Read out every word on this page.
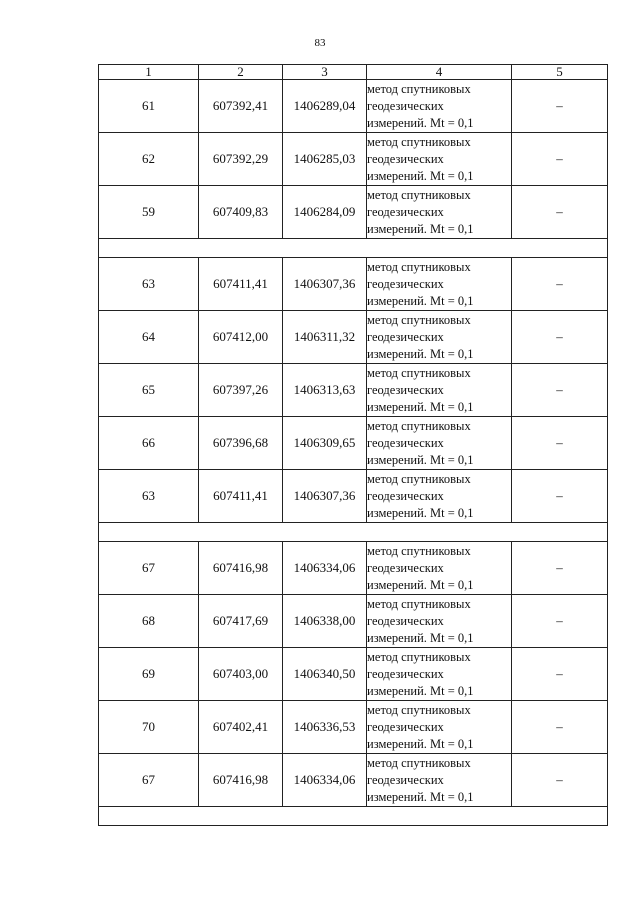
83
1	2	3	4	5
61	607392,41	1406289,04	метод спутниковых
геодезических
измерений. Mt = 0,1	–
62	607392,29	1406285,03	метод спутниковых
геодезических
измерений. Mt = 0,1	–
59	607409,83	1406284,09	метод спутниковых
геодезических
измерений. Mt = 0,1	–

63	607411,41	1406307,36	метод спутниковых
геодезических
измерений. Mt = 0,1	–
64	607412,00	1406311,32	метод спутниковых
геодезических
измерений. Mt = 0,1	–
65	607397,26	1406313,63	метод спутниковых
геодезических
измерений. Mt = 0,1	–
66	607396,68	1406309,65	метод спутниковых
геодезических
измерений. Mt = 0,1	–
63	607411,41	1406307,36	метод спутниковых
геодезических
измерений. Mt = 0,1	–

67	607416,98	1406334,06	метод спутниковых
геодезических
измерений. Mt = 0,1	–
68	607417,69	1406338,00	метод спутниковых
геодезических
измерений. Mt = 0,1	–
69	607403,00	1406340,50	метод спутниковых
геодезических
измерений. Mt = 0,1	–
70	607402,41	1406336,53	метод спутниковых
геодезических
измерений. Mt = 0,1	–
67	607416,98	1406334,06	метод спутниковых
геодезических
измерений. Mt = 0,1	–
